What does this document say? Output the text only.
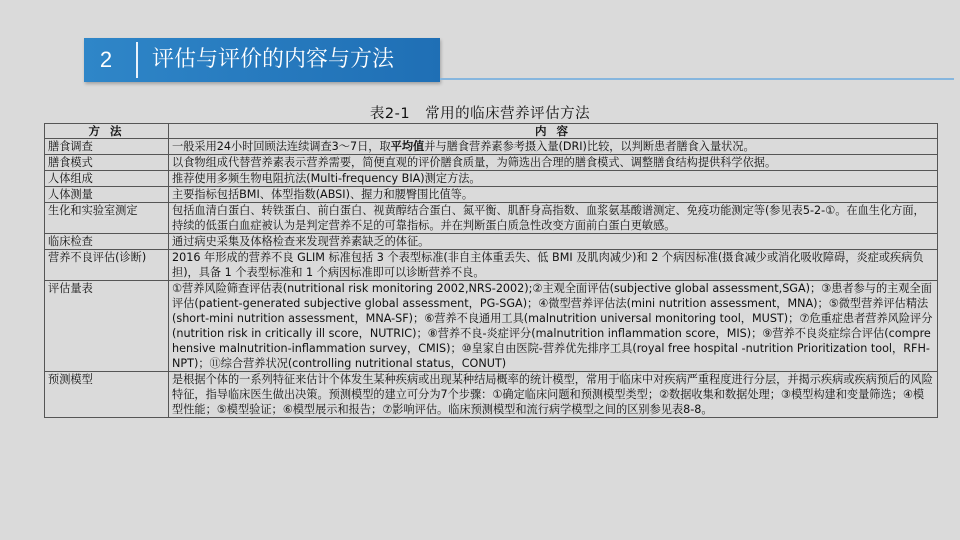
2	评估与评价的内容与方法
表2-1　常用的临床营养评估方法
方 法	内 容
膳食调查	一般采用24小时回顾法连续调查3～7日，取平均值并与膳食营养素参考摄入量(DRI)比较，以判断患者膳食入量状况。
膳食模式	以食物组成代替营养素表示营养需要，简便直观的评价膳食质量，为筛选出合理的膳食模式、调整膳食结构提供科学依据。
人体组成	推荐使用多频生物电阻抗法(Multi-frequency BIA)测定方法。
人体测量	主要指标包括BMI、体型指数(ABSI)、握力和腰臀围比值等。
生化和实验室测定	包括血清白蛋白、转铁蛋白、前白蛋白、视黄醇结合蛋白、氮平衡、肌酐身高指数、血浆氨基酸谱测定、免疫功能测定等(参见表5-2-①。在血生化方面，持续的低蛋白血症被认为是判定营养不足的可靠指标。并在判断蛋白质急性改变方面前白蛋白更敏感。
临床检查	通过病史采集及体格检查来发现营养素缺乏的体征。
营养不良评估(诊断)	2016 年形成的营养不良 GLIM 标准包括 3 个表型标准(非自主体重丢失、低 BMI 及肌肉减少)和 2 个病因标准(摄食减少或消化吸收障碍，炎症或疾病负担)，具备 1 个表型标准和 1 个病因标准即可以诊断营养不良。
评估量表	①营养风险筛查评估表(nutritional risk monitoring 2002,NRS-2002);②主观全面评估(subjective global assessment,SGA)；③患者参与的主观全面评估(patient-generated subjective global assessment，PG-SGA)；④微型营养评估法(mini nutrition assessment，MNA)；⑤微型营养评估精法(short-mini nutrition assessment，MNA-SF)；⑥营养不良通用工具(malnutrition universal monitoring tool，MUST)；⑦危重症患者营养风险评分(nutrition risk in critically ill score，NUTRIC)；⑧营养不良-炎症评分(malnutrition inflammation score，MIS)；⑨营养不良炎症综合评估(comprehensive malnutrition-inflammation survey，CMIS)；⑩皇家自由医院-营养优先排序工具(royal free hospital -nutrition Prioritization tool，RFH-NPT)；⑪综合营养状况(controlling nutritional status，CONUT)
预测模型	是根据个体的一系列特征来估计个体发生某种疾病或出现某种结局概率的统计模型，常用于临床中对疾病严重程度进行分层，并揭示疾病或疾病预后的风险特征，指导临床医生做出决策。预测模型的建立可分为7个步骤：①确定临床问题和预测模型类型；②数据收集和数据处理；③模型构建和变量筛选；④模型性能；⑤模型验证；⑥模型展示和报告；⑦影响评估。临床预测模型和流行病学模型之间的区别参见表8-8。
